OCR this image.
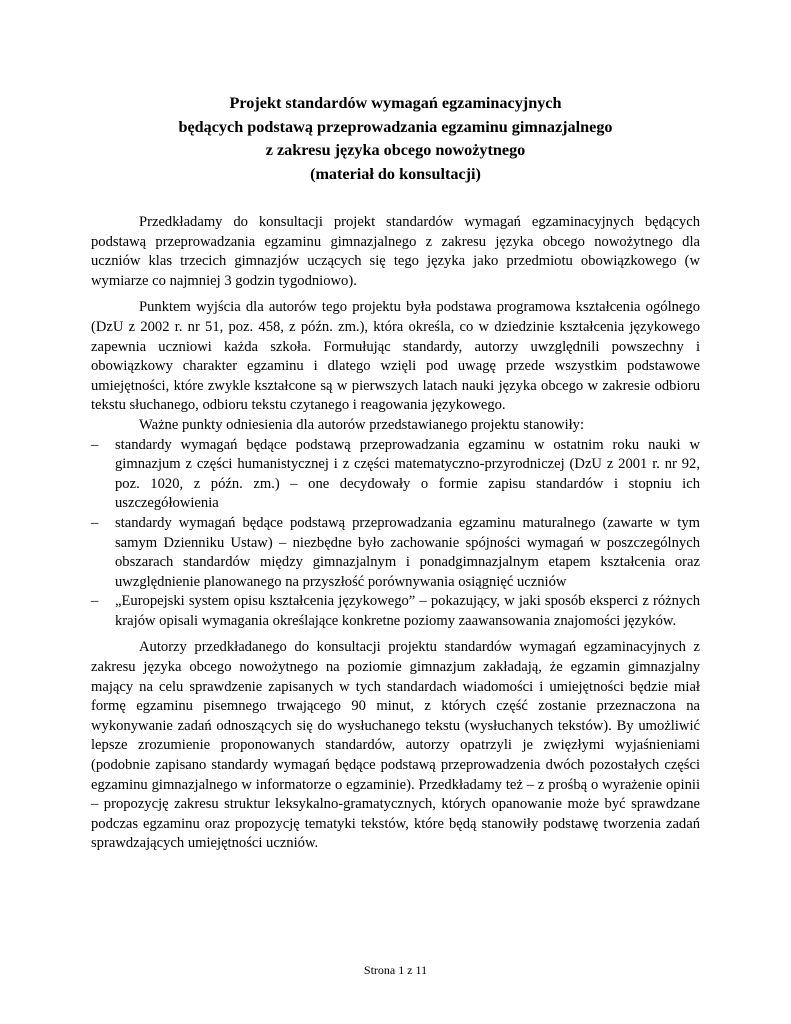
Projekt standardów wymagań egzaminacyjnych
będących podstawą przeprowadzania egzaminu gimnazjalnego
z zakresu języka obcego nowożytnego
(materiał do konsultacji)

Przedkładamy do konsultacji projekt standardów wymagań egzaminacyjnych będących podstawą przeprowadzania egzaminu gimnazjalnego z zakresu języka obcego nowożytnego dla uczniów klas trzecich gimnazjów uczących się tego języka jako przedmiotu obowiązkowego (w wymiarze co najmniej 3 godzin tygodniowo).

Punktem wyjścia dla autorów tego projektu była podstawa programowa kształcenia ogólnego (DzU z 2002 r. nr 51, poz. 458, z późn. zm.), która określa, co w dziedzinie kształcenia językowego zapewnia uczniowi każda szkoła. Formułując standardy, autorzy uwzględnili powszechny i obowiązkowy charakter egzaminu i dlatego wzięli pod uwagę przede wszystkim podstawowe umiejętności, które zwykle kształcone są w pierwszych latach nauki języka obcego w zakresie odbioru tekstu słuchanego, odbioru tekstu czytanego i reagowania językowego.

Ważne punkty odniesienia dla autorów przedstawianego projektu stanowiły:

– standardy wymagań będące podstawą przeprowadzania egzaminu w ostatnim roku nauki w gimnazjum z części humanistycznej i z części matematyczno-przyrodniczej (DzU z 2001 r. nr 92, poz. 1020, z późn. zm.) – one decydowały o formie zapisu standardów i stopniu ich uszczegółowienia
– standardy wymagań będące podstawą przeprowadzania egzaminu maturalnego (zawarte w tym samym Dzienniku Ustaw) – niezbędne było zachowanie spójności wymagań w poszczególnych obszarach standardów między gimnazjalnym i ponadgimnazjalnym etapem kształcenia oraz uwzględnienie planowanego na przyszłość porównywania osiągnięć uczniów
– „Europejski system opisu kształcenia językowego” – pokazujący, w jaki sposób eksperci z różnych krajów opisali wymagania określające konkretne poziomy zaawansowania znajomości języków.

Autorzy przedkładanego do konsultacji projektu standardów wymagań egzaminacyjnych z zakresu języka obcego nowożytnego na poziomie gimnazjum zakładają, że egzamin gimnazjalny mający na celu sprawdzenie zapisanych w tych standardach wiadomości i umiejętności będzie miał formę egzaminu pisemnego trwającego 90 minut, z których część zostanie przeznaczona na wykonywanie zadań odnoszących się do wysłuchanego tekstu (wysłuchanych tekstów). By umożliwić lepsze zrozumienie proponowanych standardów, autorzy opatrzyli je zwięzłymi wyjaśnieniami (podobnie zapisano standardy wymagań będące podstawą przeprowadzenia dwóch pozostałych części egzaminu gimnazjalnego w informatorze o egzaminie). Przedkładamy też – z prośbą o wyrażenie opinii – propozycję zakresu struktur leksykalno-gramatycznych, których opanowanie może być sprawdzane podczas egzaminu oraz propozycję tematyki tekstów, które będą stanowiły podstawę tworzenia zadań sprawdzających umiejętności uczniów.

Strona 1 z 11
